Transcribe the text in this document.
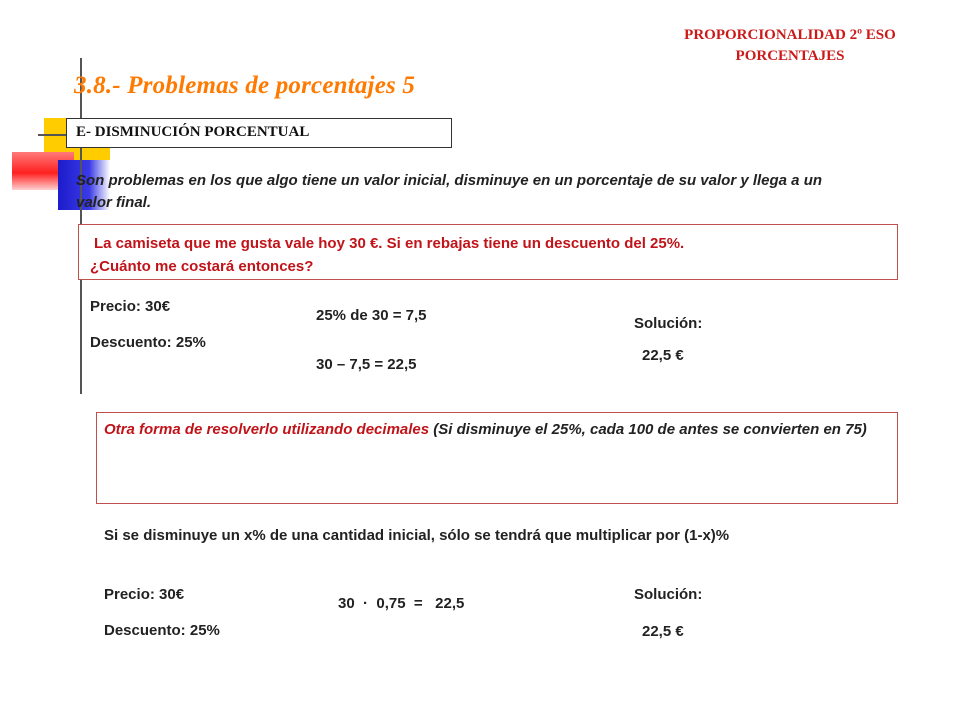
PROPORCIONALIDAD 2º ESO
PORCENTAJES
3.8.- Problemas de porcentajes 5
E- DISMINUCIÓN PORCENTUAL
Son problemas en los que algo tiene un valor inicial, disminuye en un porcentaje de su valor y llega a un valor final.
La camiseta que me gusta vale hoy 30 €. Si en rebajas tiene un descuento del 25%.
¿Cuánto me costará entonces?
Precio: 30€
Descuento: 25%
25% de 30 = 7,5
30 – 7,5 = 22,5
Solución:
22,5 €
Otra forma de resolverlo utilizando decimales (Si disminuye el 25%, cada 100 de antes se convierten en 75)
Si se disminuye un x% de una cantidad inicial, sólo se tendrá que multiplicar por (1-x)%
Precio: 30€
Descuento: 25%
30  ·  0,75  =   22,5
Solución:
22,5 €
